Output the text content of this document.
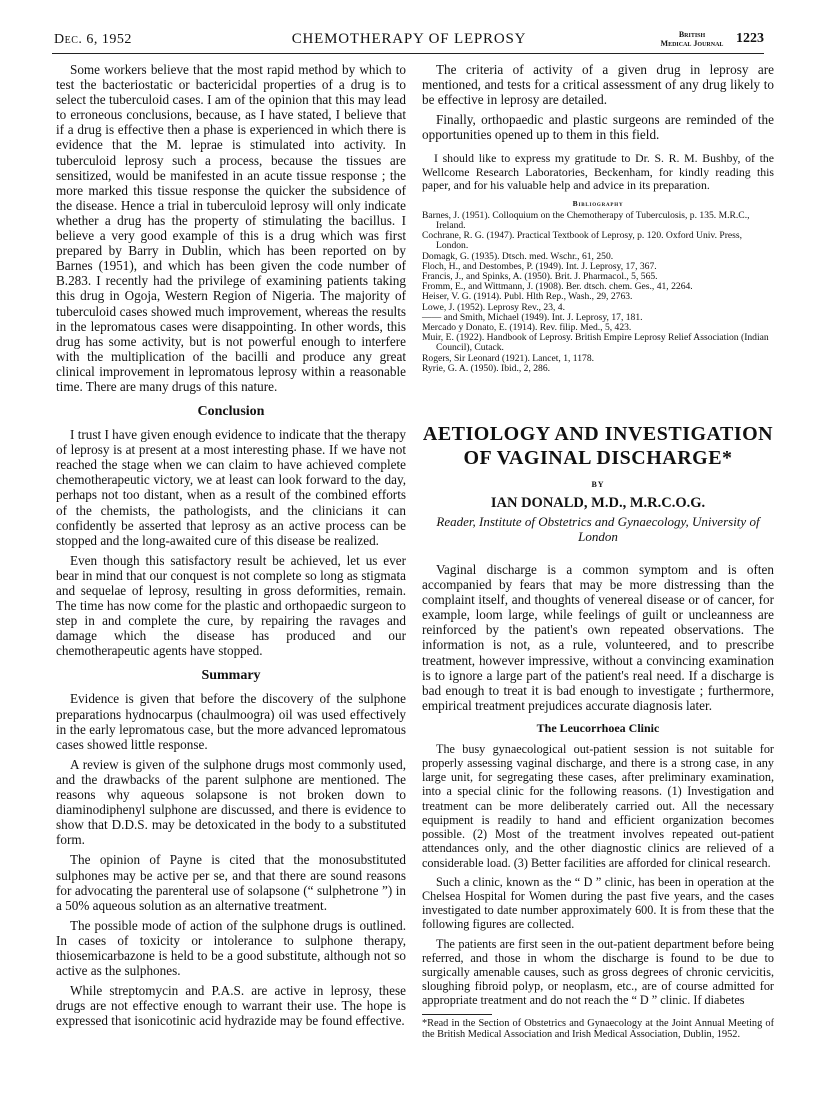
Dec. 6, 1952	CHEMOTHERAPY OF LEPROSY	British
Medical Journal 1223

Some workers believe that the most rapid method by which to test the bacteriostatic or bactericidal properties of a drug is to select the tuberculoid cases. I am of the opinion that this may lead to erroneous conclusions, because, as I have stated, I believe that if a drug is effective then a phase is experienced in which there is evidence that the M. leprae is stimulated into activity. In tuberculoid leprosy such a process, because the tissues are sensitized, would be manifested in an acute tissue response ; the more marked this tissue response the quicker the subsidence of the disease. Hence a trial in tuberculoid leprosy will only indicate whether a drug has the property of stimulating the bacillus. I believe a very good example of this is a drug which was first prepared by Barry in Dublin, which has been reported on by Barnes (1951), and which has been given the code number of B.283. I recently had the privilege of examining patients taking this drug in Ogoja, Western Region of Nigeria. The majority of tuberculoid cases showed much improvement, whereas the results in the lepromatous cases were disappointing. In other words, this drug has some activity, but is not powerful enough to interfere with the multiplication of the bacilli and produce any great clinical improvement in lepromatous leprosy within a reasonable time. There are many drugs of this nature.

Conclusion

I trust I have given enough evidence to indicate that the therapy of leprosy is at present at a most interesting phase. If we have not reached the stage when we can claim to have achieved complete chemotherapeutic victory, we at least can look forward to the day, perhaps not too distant, when as a result of the combined efforts of the chemists, the pathologists, and the clinicians it can confidently be asserted that leprosy as an active process can be stopped and the long-awaited cure of this disease be realized.

Even though this satisfactory result be achieved, let us ever bear in mind that our conquest is not complete so long as stigmata and sequelae of leprosy, resulting in gross deformities, remain. The time has now come for the plastic and orthopaedic surgeon to step in and complete the cure, by repairing the ravages and damage which the disease has produced and our chemotherapeutic agents have stopped.

Summary

Evidence is given that before the discovery of the sulphone preparations hydnocarpus (chaulmoogra) oil was used effectively in the early lepromatous case, but the more advanced lepromatous cases showed little response.

A review is given of the sulphone drugs most commonly used, and the drawbacks of the parent sulphone are mentioned. The reasons why aqueous solapsone is not broken down to diaminodiphenyl sulphone are discussed, and there is evidence to show that D.D.S. may be detoxicated in the body to a substituted form.

The opinion of Payne is cited that the monosubstituted sulphones may be active per se, and that there are sound reasons for advocating the parenteral use of solapsone (“ sulphetrone ”) in a 50% aqueous solution as an alternative treatment.

The possible mode of action of the sulphone drugs is outlined. In cases of toxicity or intolerance to sulphone therapy, thiosemicarbazone is held to be a good substitute, although not so active as the sulphones.

While streptomycin and P.A.S. are active in leprosy, these drugs are not effective enough to warrant their use. The hope is expressed that isonicotinic acid hydrazide may be found effective.

The criteria of activity of a given drug in leprosy are mentioned, and tests for a critical assessment of any drug likely to be effective in leprosy are detailed.

Finally, orthopaedic and plastic surgeons are reminded of the opportunities opened up to them in this field.

I should like to express my gratitude to Dr. S. R. M. Bushby, of the Wellcome Research Laboratories, Beckenham, for kindly reading this paper, and for his valuable help and advice in its preparation.
Bibliography
Barnes, J. (1951). Colloquium on the Chemotherapy of Tuberculosis, p. 135. M.R.C., Ireland.
Cochrane, R. G. (1947). Practical Textbook of Leprosy, p. 120. Oxford Univ. Press, London.
Domagk, G. (1935). Dtsch. med. Wschr., 61, 250.
Floch, H., and Destombes, P. (1949). Int. J. Leprosy, 17, 367.
Francis, J., and Spinks, A. (1950). Brit. J. Pharmacol., 5, 565.
Fromm, E., and Wittmann, J. (1908). Ber. dtsch. chem. Ges., 41, 2264.
Heiser, V. G. (1914). Publ. Hlth Rep., Wash., 29, 2763.
Lowe, J. (1952). Leprosy Rev., 23, 4.
—— and Smith, Michael (1949). Int. J. Leprosy, 17, 181.
Mercado y Donato, E. (1914). Rev. filip. Med., 5, 423.
Muir, E. (1922). Handbook of Leprosy. British Empire Leprosy Relief Association (Indian Council), Cutack.
Rogers, Sir Leonard (1921). Lancet, 1, 1178.
Ryrie, G. A. (1950). Ibid., 2, 286.
AETIOLOGY AND INVESTIGATION
OF VAGINAL DISCHARGE*
BY
IAN DONALD, M.D., M.R.C.O.G.
Reader, Institute of Obstetrics and Gynaecology, University of London

Vaginal discharge is a common symptom and is often accompanied by fears that may be more distressing than the complaint itself, and thoughts of venereal disease or of cancer, for example, loom large, while feelings of guilt or uncleanness are reinforced by the patient's own repeated observations. The information is not, as a rule, volunteered, and to prescribe treatment, however impressive, without a convincing examination is to ignore a large part of the patient's real need. If a discharge is bad enough to treat it is bad enough to investigate ; furthermore, empirical treatment prejudices accurate diagnosis later.

The Leucorrhoea Clinic

The busy gynaecological out-patient session is not suitable for properly assessing vaginal discharge, and there is a strong case, in any large unit, for segregating these cases, after preliminary examination, into a special clinic for the following reasons. (1) Investigation and treatment can be more deliberately carried out. All the necessary equipment is readily to hand and efficient organization becomes possible. (2) Most of the treatment involves repeated out-patient attendances only, and the other diagnostic clinics are relieved of a considerable load. (3) Better facilities are afforded for clinical research.

Such a clinic, known as the “ D ” clinic, has been in operation at the Chelsea Hospital for Women during the past five years, and the cases investigated to date number approximately 600. It is from these that the following figures are collected.

The patients are first seen in the out-patient department before being referred, and those in whom the discharge is found to be due to surgically amenable causes, such as gross degrees of chronic cervicitis, sloughing fibroid polyp, or neoplasm, etc., are of course admitted for appropriate treatment and do not reach the “ D ” clinic. If diabetes

*Read in the Section of Obstetrics and Gynaecology at the Joint Annual Meeting of the British Medical Association and Irish Medical Association, Dublin, 1952.
